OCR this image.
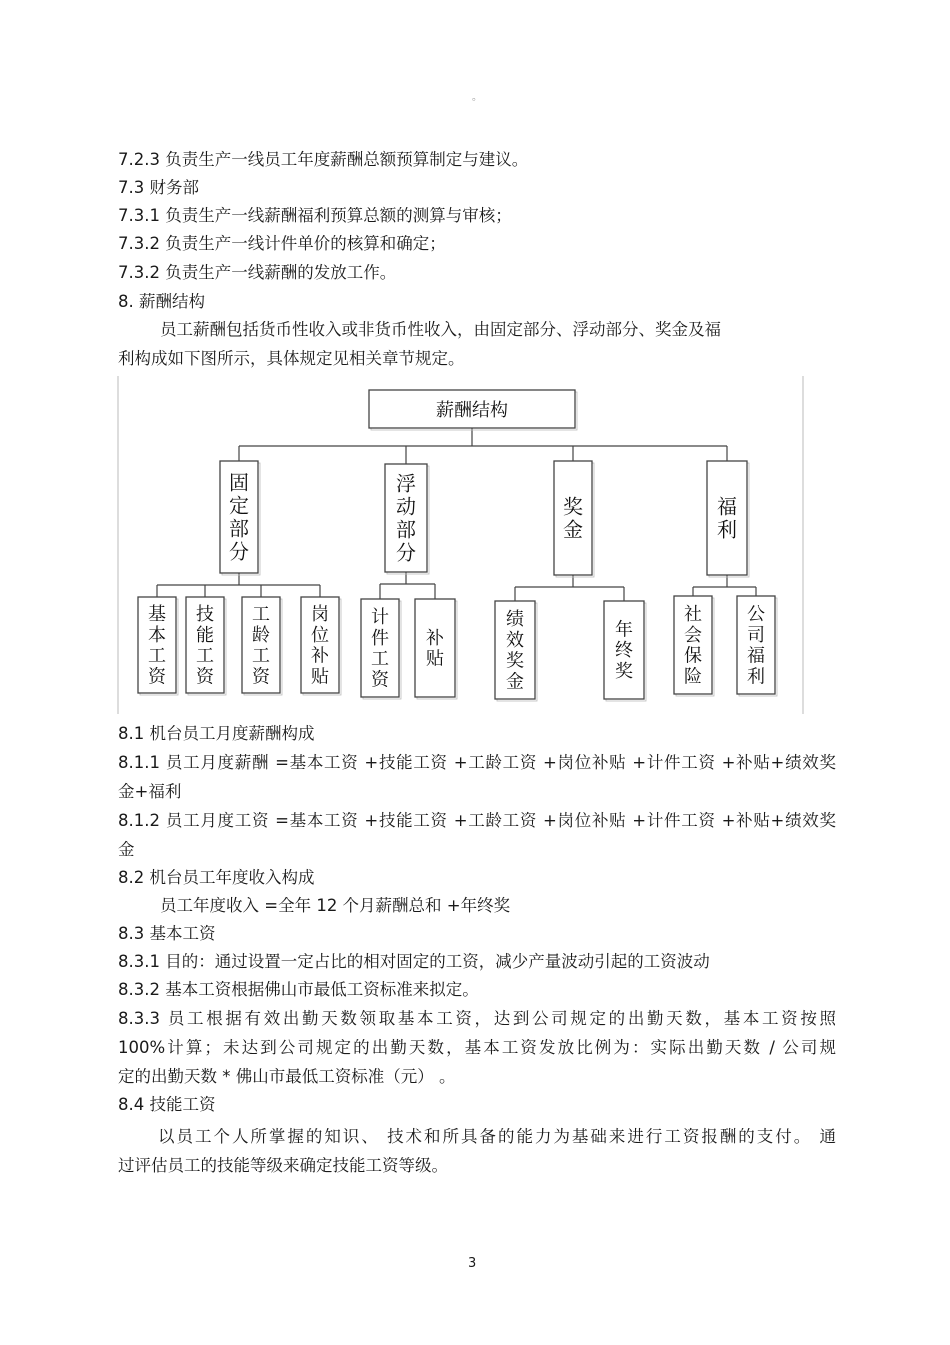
。
7.2.3 负责生产一线员工年度薪酬总额预算制定与建议。
7.3 财务部
7.3.1 负责生产一线薪酬福利预算总额的测算与审核；
7.3.2 负责生产一线计件单价的核算和确定；
7.3.2 负责生产一线薪酬的发放工作。
8. 薪酬结构
员工薪酬包括货币性收入或非货币性收入，由固定部分、浮动部分、奖金及福
利构成如下图所示，具体规定见相关章节规定。
薪酬结构
固
定
部
分
基
本
工
资
技
能
工
资
工
龄
工
资
岗
位
补
贴
浮
动
部
分
计
件
工
资
补
贴
奖
金
绩
效
奖
金
年
终
奖
福
利
社
会
保
险
公
司
福
利
8.1 机台员工月度薪酬构成
8.1.1 员工月度薪酬 =基本工资 +技能工资 +工龄工资 +岗位补贴 +计件工资 +补贴+绩效奖
金+福利
8.1.2 员工月度工资 =基本工资 +技能工资 +工龄工资 +岗位补贴 +计件工资 +补贴+绩效奖
金
8.2 机台员工年度收入构成
员工年度收入 =全年 12 个月薪酬总和 +年终奖
8.3 基本工资
8.3.1 目的：通过设置一定占比的相对固定的工资，减少产量波动引起的工资波动
8.3.2 基本工资根据佛山市最低工资标准来拟定。
8.3.3 员工根据有效出勤天数领取基本工资，达到公司规定的出勤天数，基本工资按照
100%计算；未达到公司规定的出勤天数，基本工资发放比例为：实际出勤天数 / 公司规
定的出勤天数 * 佛山市最低工资标准（元） 。
8.4 技能工资
以员工个人所掌握的知识、 技术和所具备的能力为基础来进行工资报酬的支付。 通
过评估员工的技能等级来确定技能工资等级。
3
